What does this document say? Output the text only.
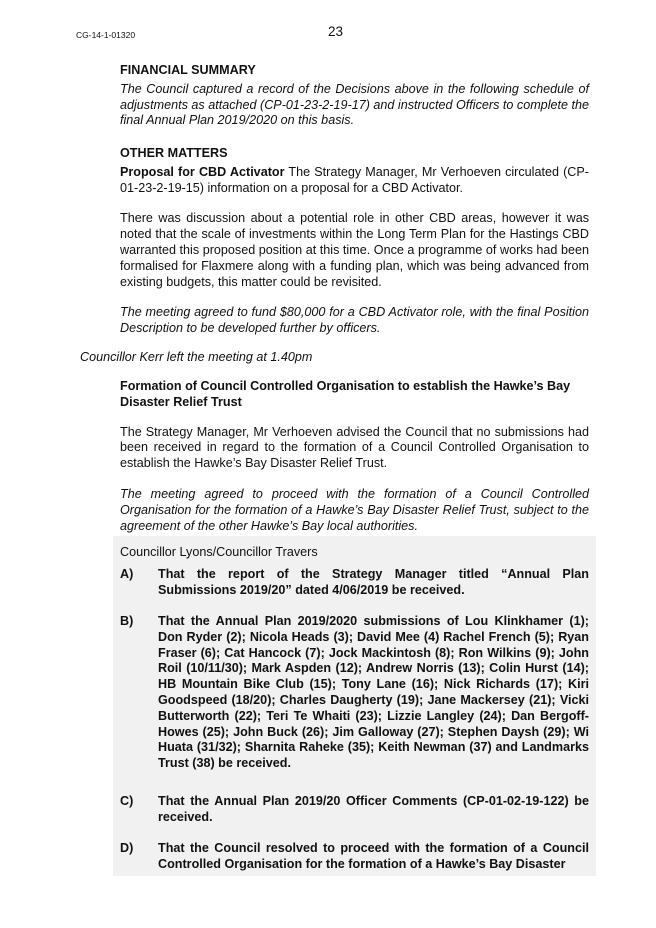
CG-14-1-01320	23
FINANCIAL SUMMARY

The Council captured a record of the Decisions above in the following schedule of adjustments as attached (CP-01-23-2-19-17) and instructed Officers to complete the final Annual Plan 2019/2020 on this basis.

OTHER MATTERS

Proposal for CBD Activator The Strategy Manager, Mr Verhoeven circulated (CP-01-23-2-19-15) information on a proposal for a CBD Activator.

There was discussion about a potential role in other CBD areas, however it was noted that the scale of investments within the Long Term Plan for the Hastings CBD warranted this proposed position at this time. Once a programme of works had been formalised for Flaxmere along with a funding plan, which was being advanced from existing budgets, this matter could be revisited.

The meeting agreed to fund $80,000 for a CBD Activator role, with the final Position Description to be developed further by officers.

Councillor Kerr left the meeting at 1.40pm
Formation of Council Controlled Organisation to establish the Hawke’s Bay Disaster Relief Trust

The Strategy Manager, Mr Verhoeven advised the Council that no submissions had been received in regard to the formation of a Council Controlled Organisation to establish the Hawke’s Bay Disaster Relief Trust.

The meeting agreed to proceed with the formation of a Council Controlled Organisation for the formation of a Hawke’s Bay Disaster Relief Trust, subject to the agreement of the other Hawke’s Bay local authorities.

Councillor Lyons/Councillor Travers
A)	That the report of the Strategy Manager titled “Annual Plan Submissions 2019/20” dated 4/06/2019 be received.
B)	That the Annual Plan 2019/2020 submissions of Lou Klinkhamer (1); Don Ryder (2); Nicola Heads (3); David Mee (4) Rachel French (5); Ryan Fraser (6); Cat Hancock (7); Jock Mackintosh (8); Ron Wilkins (9); John Roil (10/11/30); Mark Aspden (12); Andrew Norris (13); Colin Hurst (14); HB Mountain Bike Club (15); Tony Lane (16); Nick Richards (17); Kiri Goodspeed (18/20); Charles Daugherty (19); Jane Mackersey (21); Vicki Butterworth (22); Teri Te Whaiti (23); Lizzie Langley (24); Dan Bergoff-Howes (25); John Buck (26); Jim Galloway (27); Stephen Daysh (29); Wi Huata (31/32); Sharnita Raheke (35); Keith Newman (37) and Landmarks Trust (38) be received.
C)	That the Annual Plan 2019/20 Officer Comments (CP-01-02-19-122) be received.
D)	That the Council resolved to proceed with the formation of a Council Controlled Organisation for the formation of a Hawke’s Bay Disaster
